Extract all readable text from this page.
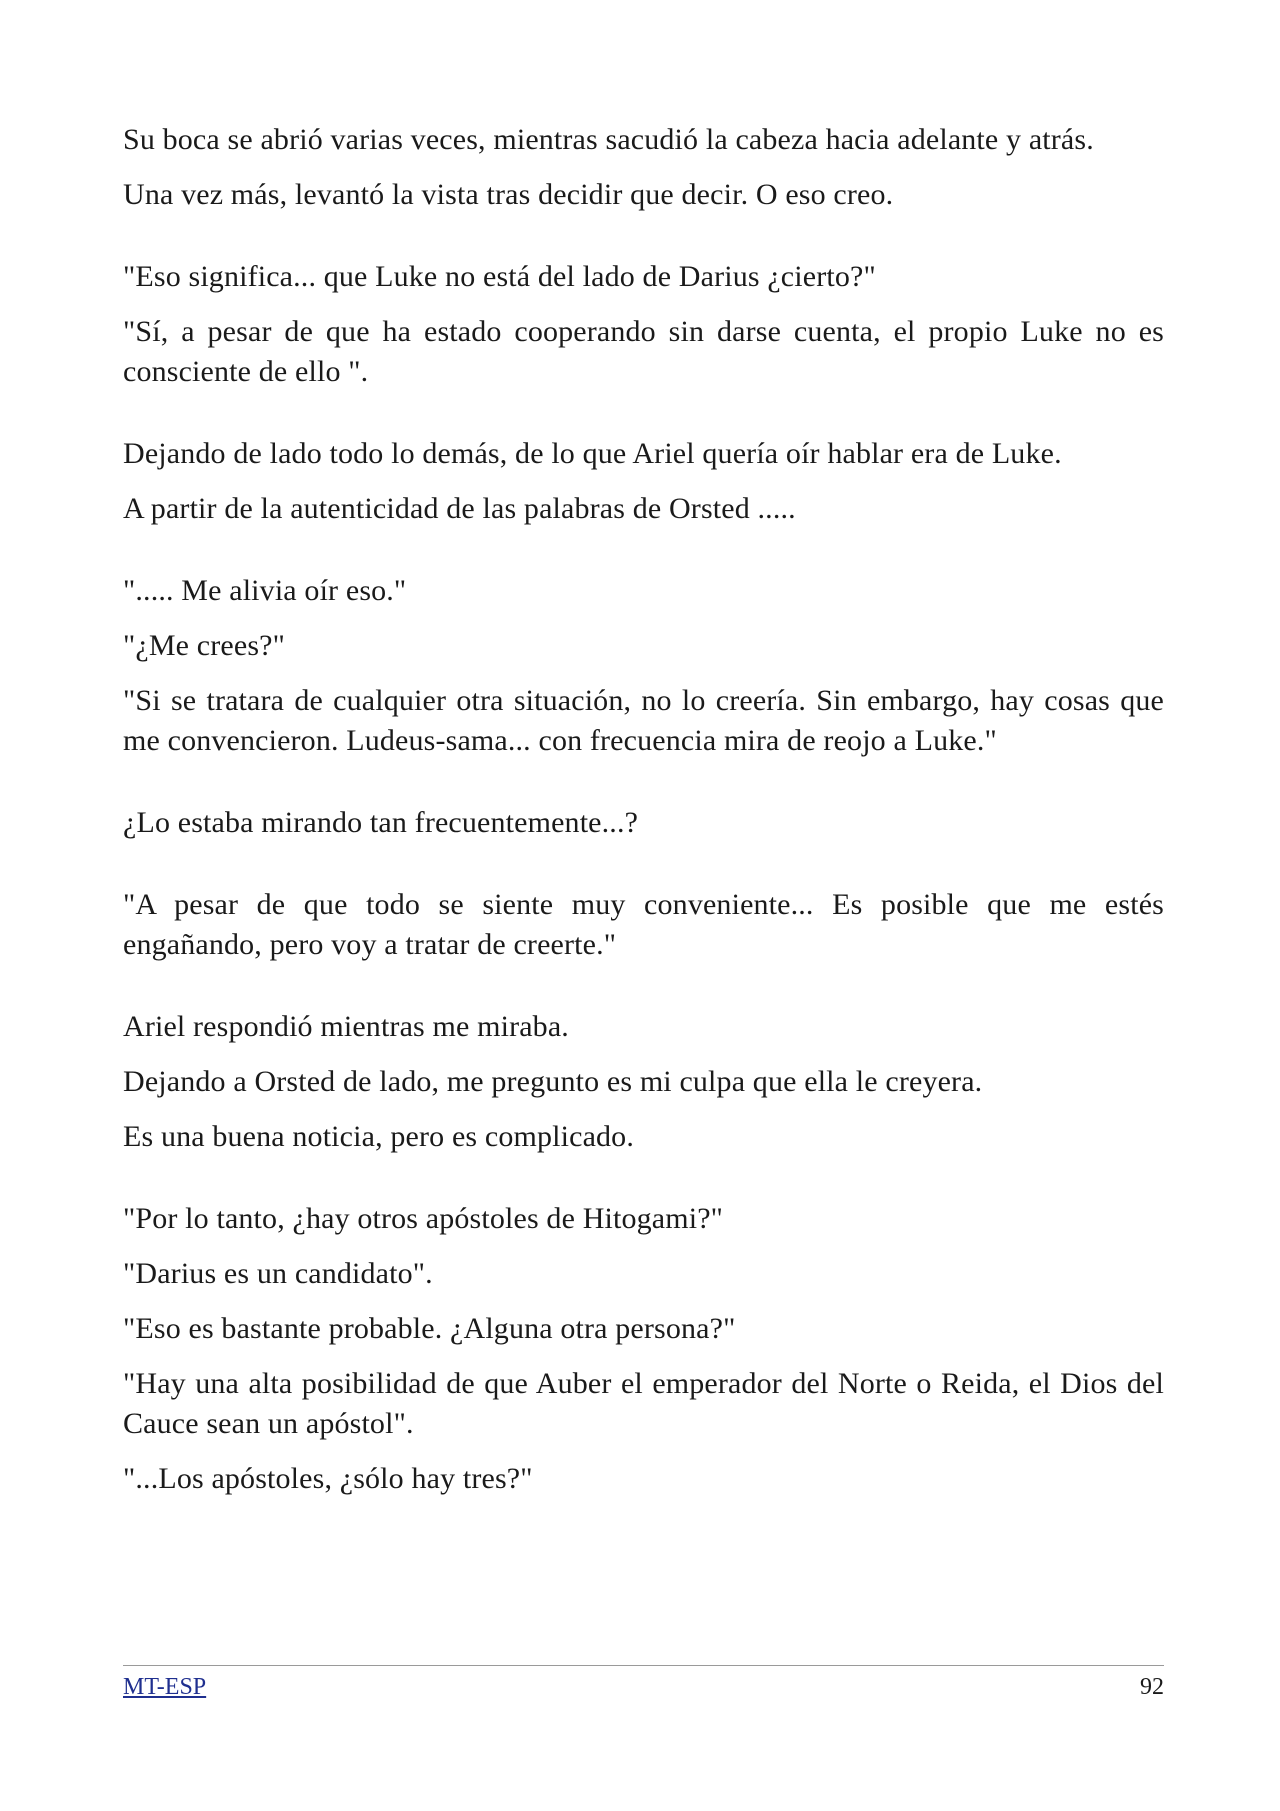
Su boca se abrió varias veces, mientras sacudió la cabeza hacia adelante y atrás.

Una vez más, levantó la vista tras decidir que decir. O eso creo.

"Eso significa... que Luke no está del lado de Darius ¿cierto?"

"Sí, a pesar de que ha estado cooperando sin darse cuenta, el propio Luke no es consciente de ello ".

Dejando de lado todo lo demás, de lo que Ariel quería oír hablar era de Luke.

A partir de la autenticidad de las palabras de Orsted .....

"..... Me alivia oír eso."

"¿Me crees?"

"Si se tratara de cualquier otra situación, no lo creería. Sin embargo, hay cosas que me convencieron. Ludeus-sama... con frecuencia mira de reojo a Luke."

¿Lo estaba mirando tan frecuentemente...?

"A pesar de que todo se siente muy conveniente... Es posible que me estés engañando, pero voy a tratar de creerte."

Ariel respondió mientras me miraba.

Dejando a Orsted de lado, me pregunto es mi culpa que ella le creyera.

Es una buena noticia, pero es complicado.

"Por lo tanto, ¿hay otros apóstoles de Hitogami?"

"Darius es un candidato".

"Eso es bastante probable. ¿Alguna otra persona?"

"Hay una alta posibilidad de que Auber el emperador del Norte o Reida, el Dios del Cauce sean un apóstol".

"...Los apóstoles, ¿sólo hay tres?"

MT-ESP	92
